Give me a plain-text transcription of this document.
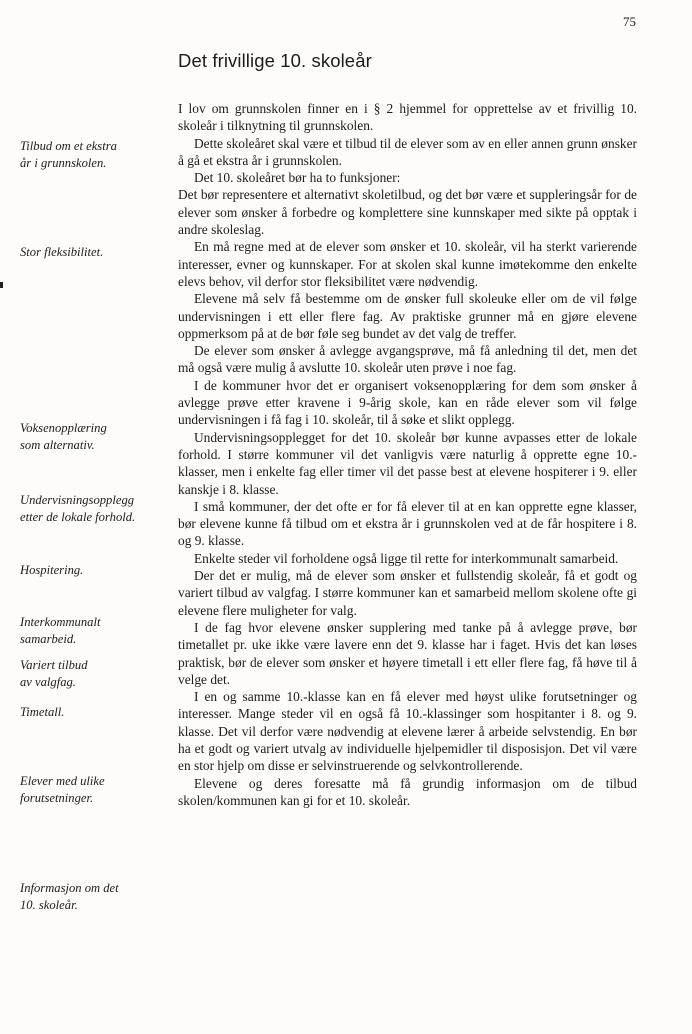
75
Det frivillige 10. skoleår
Tilbud om et ekstra
år i grunnskolen.
Stor fleksibilitet.
Voksenopplæring
som alternativ.
Undervisningsopplegg
etter de lokale forhold.
Hospitering.
Interkommunalt
samarbeid.
Variert tilbud
av valgfag.
Timetall.
Elever med ulike
forutsetninger.
Informasjon om det
10. skoleår.

I lov om grunnskolen finner en i § 2 hjemmel for opprettelse av et frivillig 10. skoleår i tilknytning til grunnskolen.

Dette skoleåret skal være et tilbud til de elever som av en eller annen grunn ønsker å gå et ekstra år i grunnskolen.

Det 10. skoleåret bør ha to funksjoner:

Det bør representere et alternativt skoletilbud, og det bør være et suppleringsår for de elever som ønsker å forbedre og komplettere sine kunnskaper med sikte på opptak i andre skoleslag.

En må regne med at de elever som ønsker et 10. skoleår, vil ha sterkt varierende interesser, evner og kunnskaper. For at skolen skal kunne imøtekomme den enkelte elevs behov, vil derfor stor fleksibilitet være nødvendig.

Elevene må selv få bestemme om de ønsker full skoleuke eller om de vil følge undervisningen i ett eller flere fag. Av praktiske grunner må en gjøre elevene oppmerksom på at de bør føle seg bundet av det valg de treffer.

De elever som ønsker å avlegge avgangsprøve, må få anledning til det, men det må også være mulig å avslutte 10. skoleår uten prøve i noe fag.

I de kommuner hvor det er organisert voksenopplæring for dem som ønsker å avlegge prøve etter kravene i 9-årig skole, kan en råde elever som vil følge undervisningen i få fag i 10. skoleår, til å søke et slikt opplegg.

Undervisningsopplegget for det 10. skoleår bør kunne avpasses etter de lokale forhold. I større kommuner vil det vanligvis være naturlig å opprette egne 10.-klasser, men i enkelte fag eller timer vil det passe best at elevene hospiterer i 9. eller kanskje i 8. klasse.

I små kommuner, der det ofte er for få elever til at en kan opprette egne klasser, bør elevene kunne få tilbud om et ekstra år i grunnskolen ved at de får hospitere i 8. og 9. klasse.

Enkelte steder vil forholdene også ligge til rette for interkommunalt samarbeid.

Der det er mulig, må de elever som ønsker et fullstendig skoleår, få et godt og variert tilbud av valgfag. I større kommuner kan et samarbeid mellom skolene ofte gi elevene flere muligheter for valg.

I de fag hvor elevene ønsker supplering med tanke på å avlegge prøve, bør timetallet pr. uke ikke være lavere enn det 9. klasse har i faget. Hvis det kan løses praktisk, bør de elever som ønsker et høyere timetall i ett eller flere fag, få høve til å velge det.

I en og samme 10.-klasse kan en få elever med høyst ulike forutsetninger og interesser. Mange steder vil en også få 10.-klassinger som hospitanter i 8. og 9. klasse. Det vil derfor være nødvendig at elevene lærer å arbeide selvstendig. En bør ha et godt og variert utvalg av individuelle hjelpemidler til disposisjon. Det vil være en stor hjelp om disse er selvinstruerende og selvkontrollerende.

Elevene og deres foresatte må få grundig informasjon om de tilbud skolen/kommunen kan gi for et 10. skoleår.
